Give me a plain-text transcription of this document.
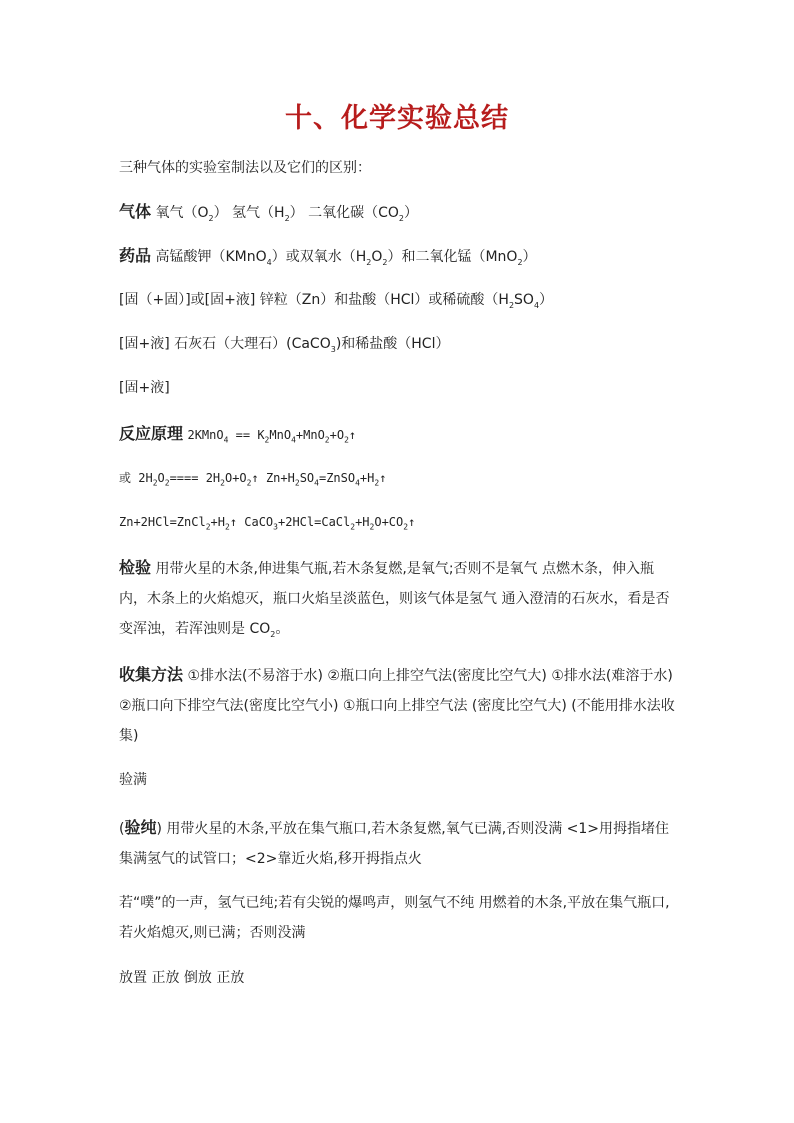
十、化学实验总结
三种气体的实验室制法以及它们的区别：
气体 氧气$(O_2)$ 氢气$(H_2)$ 二氧化碳$(CO_2)$
药品 高锰酸钾（KMnO$_4$）或双氧水$(H_2O_2)$和二氧化锰（MnO$_2$）
[固（+固）]或[固+液] 锌粒（Zn）和盐酸（HCl）或稀硫酸$(H_2SO_4)$
[固+液] 石灰石（大理石）(CaCO$_3$)和稀盐酸（HCl）
[固+液]
反应原理 2KMnO$_4$ == $K_2MnO_4+MnO_2+O_2↑$
或 $2H_2O_2====$ $2H_2O+O_2↑$ $Zn+H_2SO_4=ZnSO_4+H_2↑$
$Zn+2HCl=ZnCl_2+H_2↑$ $CaCO_3+2HCl=CaCl_2+H_2O+CO_2↑$
检验 用带火星的木条,伸进集气瓶,若木条复燃,是氧气;否则不是氧气 点燃木条，伸入瓶内，木条上的火焰熄灭，瓶口火焰呈淡蓝色，则该气体是氢气 通入澄清的石灰水，看是否变浑浊，若浑浊则是 $CO_2$。
收集方法 ①排水法(不易溶于水) ②瓶口向上排空气法(密度比空气大) ①排水法(难溶于水) ②瓶口向下排空气法(密度比空气小) ①瓶口向上排空气法 (密度比空气大) (不能用排水法收集)
验满
(验纯) 用带火星的木条,平放在集气瓶口,若木条复燃,氧气已满,否则没满 <1>用拇指堵住集满氢气的试管口；<2>靠近火焰,移开拇指点火
若“噗”的一声，氢气已纯;若有尖锐的爆鸣声，则氢气不纯 用燃着的木条,平放在集气瓶口,若火焰熄灭,则已满；否则没满
放置 正放 倒放 正放
